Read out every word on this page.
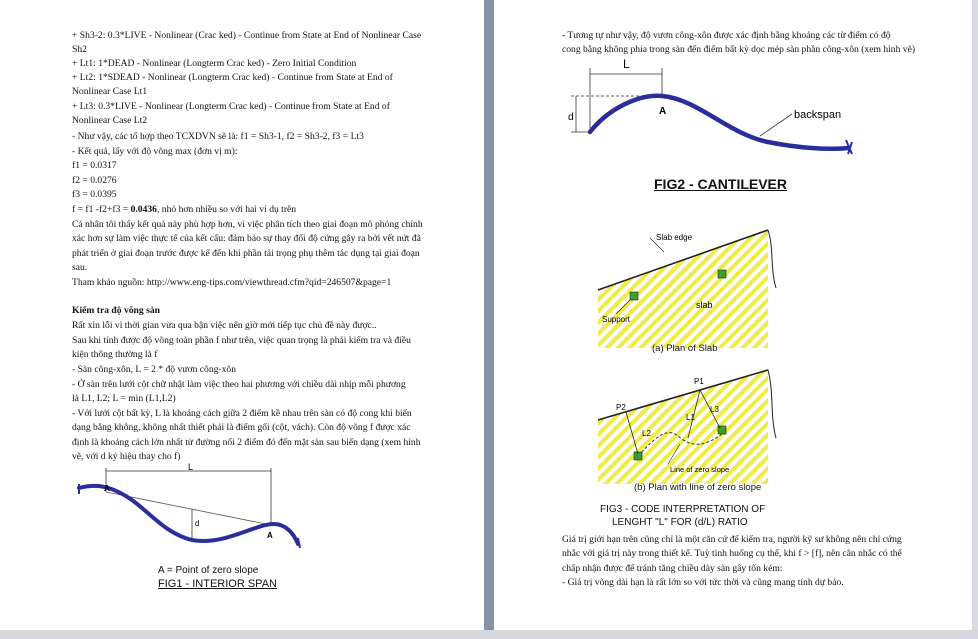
+ Sh3-2: 0.3*LIVE - Nonlinear (Crac ked) - Continue from State at End of Nonlinear Case
Sh2
+ Lt1: 1*DEAD - Nonlinear (Longterm Crac ked) - Zero Initial Condition
+ Lt2: 1*SDEAD - Nonlinear (Longterm Crac ked) - Continue from State at End of
Nonlinear Case Lt1
+ Lt3: 0.3*LIVE - Nonlinear (Longterm Crac ked) - Continue from State at End of
Nonlinear Case Lt2
- Như vậy, các tổ hợp theo TCXDVN sẽ là: f1 = Sh3-1, f2 = Sh3-2, f3 = Lt3
- Kết quả, lấy với độ võng max (đơn vị m):
f1 = 0.0317
f2 = 0.0276
f3 = 0.0395
f = f1 -f2+f3 = 0.0436, nhỏ hơn nhiều so với hai ví dụ trên
Cá nhân tôi thấy kết quả này phù hợp hơn, vì việc phân tích theo giai đoạn mô phỏng chính
xác hơn sự làm việc thực tế của kết cấu: đảm bảo sự thay đổi độ cứng gây ra bởi vết nứt đã
phát triển ở giai đoạn trước được kể đến khi phần tải trọng phụ thêm tác dụng tại giai đoạn
sau.
Tham khảo nguồn: http://www.eng-tips.com/viewthread.cfm?qid=246507&page=1
Kiểm tra độ võng sàn
Rất xin lỗi vì thời gian vừa qua bận việc nên giờ mới tiếp tục chủ đề này được..
Sau khi tính được độ võng toàn phần f như trên, việc quan trọng là phải kiểm tra và điều
kiện thông thường là f
- Sàn công-xôn, L = 2 * độ vươn công-xôn
- Ở sàn trên lưới cột chữ nhật làm việc theo hai phương với chiều dài nhịp mỗi phương
là L1, L2; L = min (L1,L2)
- Với lưới cột bất kỳ, L là khoảng cách giữa 2 điểm kề nhau trên sàn có độ cong khi biến
dạng bằng không, không nhất thiết phải là điểm gối (cột, vách). Còn độ võng f được xác
định là khoảng cách lớn nhất từ đường nối 2 điểm đó đến mặt sàn sau biến dạng (xem hình
vẽ, với d ký hiệu thay cho f)
L
A
d
A
A = Point of zero slope
FIG1 - INTERIOR SPAN
- Tương tự như vậy, độ vươn công-xôn được xác định bằng khoảng các từ điểm có độ
cong bằng không phía trong sàn đến điểm bất kỳ dọc mép sàn phần công-xôn (xem hình vẽ)
L
d
A	backspan
FIG2 - CANTILEVER
Slab edge
Support
slab
(a) Plan of Slab
P2
P1
L2
L1
L3
Line of zero slope
(b) Plan with line of zero slope
FIG3 - CODE INTERPRETATION OF
LENGHT "L" FOR (d/L) RATIO
Giá trị giới hạn trên cũng chỉ là một căn cứ để kiểm tra, người kỹ sư không nên chỉ cứng
nhắc với giá trị này trong thiết kế. Tuỳ tình huống cụ thể, khi f > [f], nên cân nhắc có thể
chấp nhận được để tránh tăng chiều dày sàn gây tốn kém:
- Giá trị võng dài hạn là rất lớn so với tức thời và cũng mang tính dự báo.
